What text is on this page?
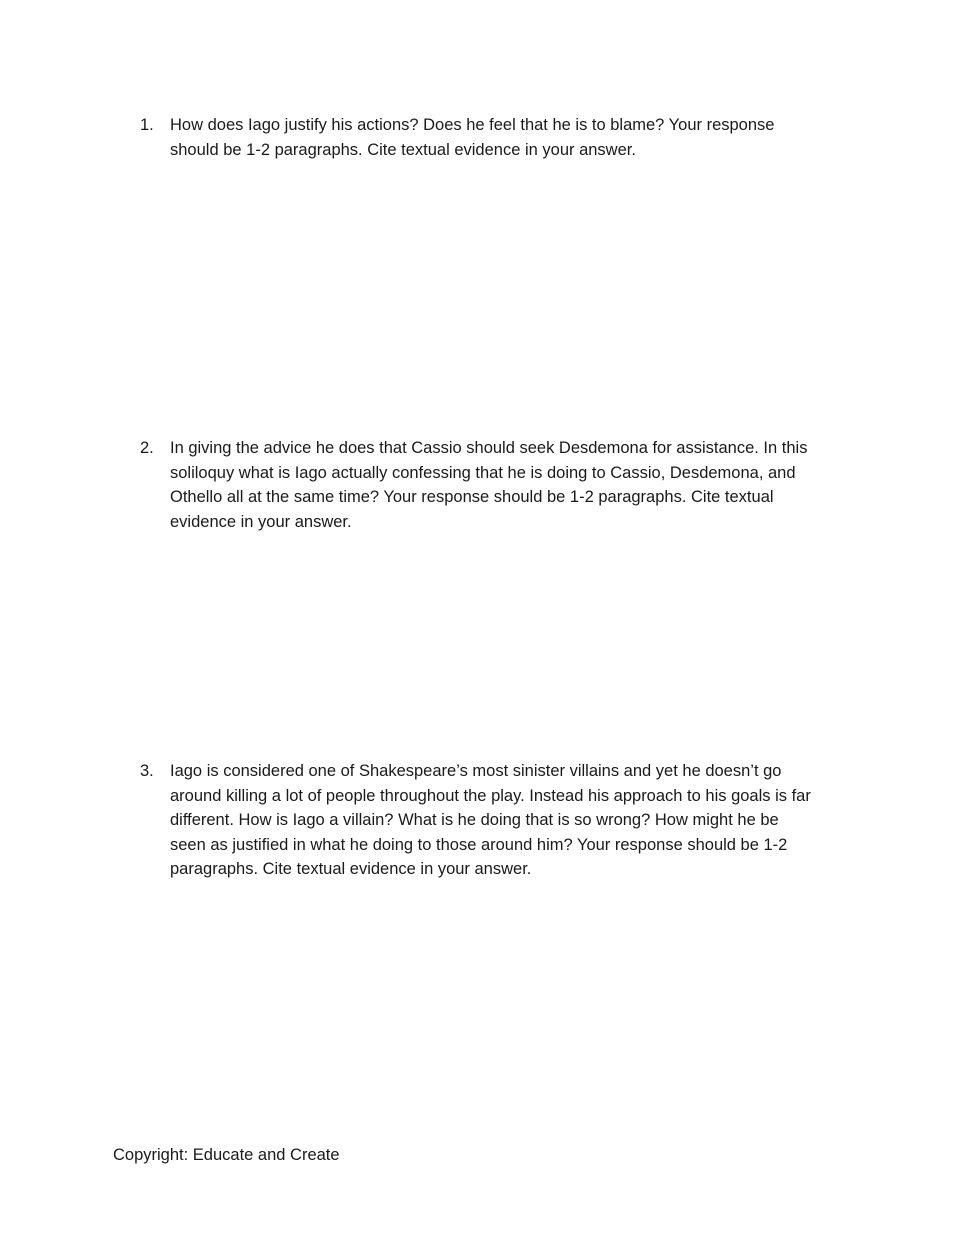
1. How does Iago justify his actions? Does he feel that he is to blame? Your response
should be 1-2 paragraphs. Cite textual evidence in your answer.
2. In giving the advice he does that Cassio should seek Desdemona for assistance. In this
soliloquy what is Iago actually confessing that he is doing to Cassio, Desdemona, and
Othello all at the same time? Your response should be 1-2 paragraphs. Cite textual
evidence in your answer.
3. Iago is considered one of Shakespeare’s most sinister villains and yet he doesn’t go
around killing a lot of people throughout the play. Instead his approach to his goals is far
different. How is Iago a villain? What is he doing that is so wrong? How might he be
seen as justified in what he doing to those around him? Your response should be 1-2
paragraphs. Cite textual evidence in your answer.
Copyright: Educate and Create
